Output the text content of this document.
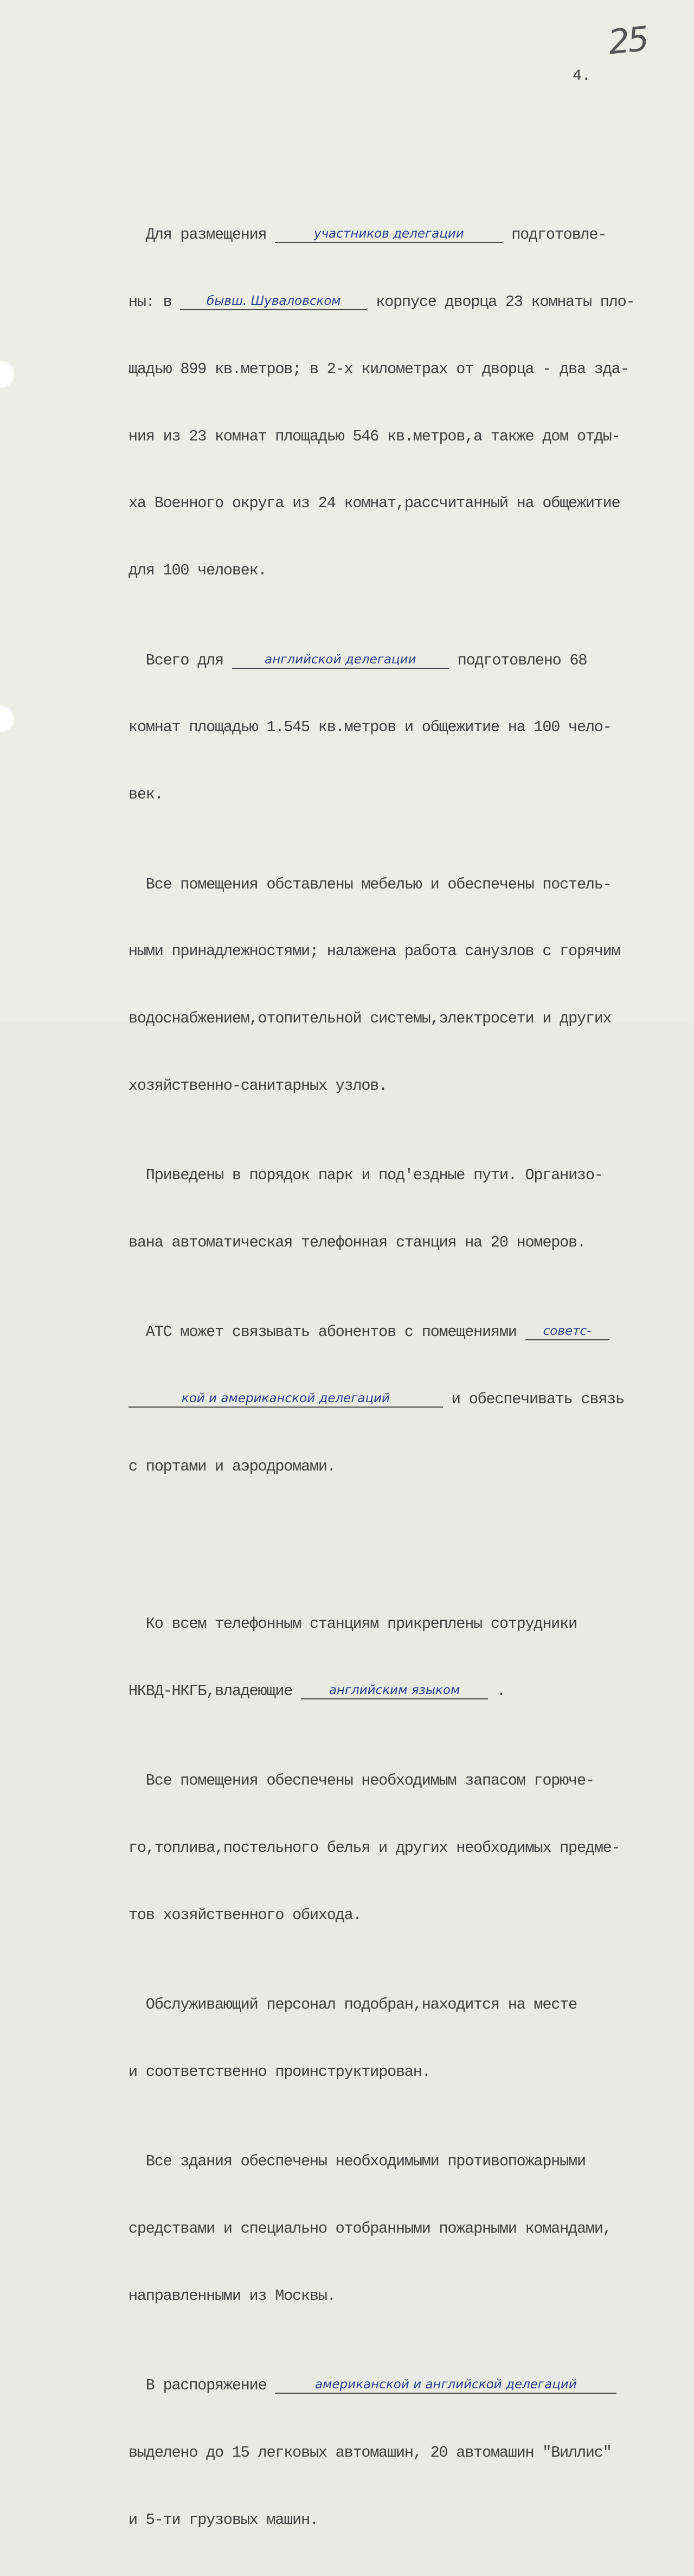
25
4.

Для размещения	участников делегации	подготовле-

ны: в бывш. Шуваловском корпусе дворца 23 комнаты пло-

щадью 899 кв.метров; в 2-х километрах от дворца - два зда-

ния из 23 комнат площадью 546 кв.метров,а также дом отды-

ха Военного округа из 24 комнат,рассчитанный на общежитие

для 100 человек.

Всего для	английской делегации подготовлено 68

комнат площадью 1.545 кв.метров и общежитие на 100 чело-

век.

Все помещения обставлены мебелью и обеспечены постель-

ными принадлежностями; налажена работа санузлов с горячим

водоснабжением,отопительной системы,электросети и других

хозяйственно-санитарных узлов.

Приведены в порядок парк и под'ездные пути. Организо-

вана автоматическая телефонная станция на 20 номеров.

АТС может связывать абонентов с помещениями советс-

кой и американской делегаций	и обеспечивать связь

с портами и аэродромами.

Ко всем телефонным станциям прикреплены сотрудники

НКВД-НКГБ,владеющие английским языком .

Все помещения обеспечены необходимым запасом горюче-

го,топлива,постельного белья и других необходимых предме-

тов хозяйственного обихода.

Обслуживающий персонал подобран,находится на месте

и соответственно проинструктирован.

Все здания обеспечены необходимыми противопожарными

средствами и специально отобранными пожарными командами,

направленными из Москвы.

В распоряжение	американской и английской делегаций

выделено до 15 легковых автомашин, 20 автомашин "Виллис"

и 5-ти грузовых машин.
